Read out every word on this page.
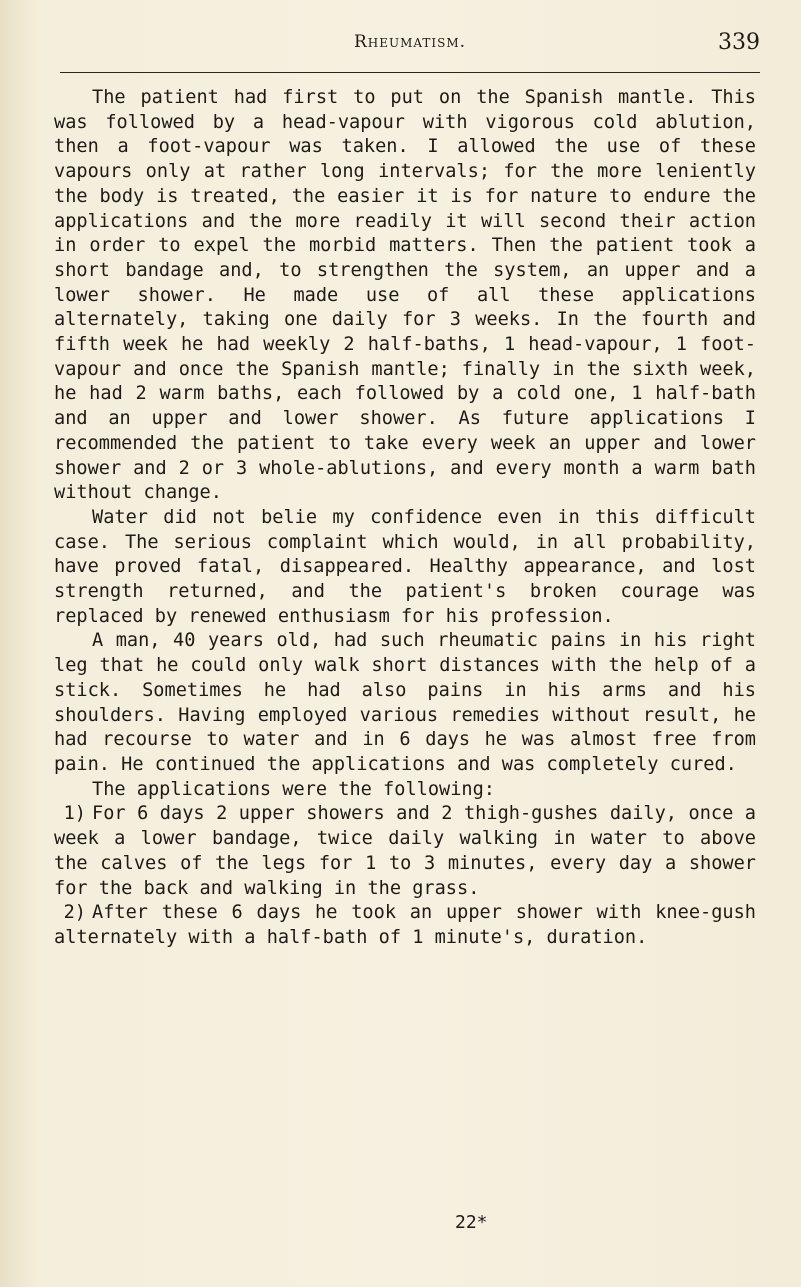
Rheumatism.	339

The patient had first to put on the Spanish mantle. This was followed by a head-vapour with vigorous cold ablution, then a foot-vapour was taken. I allowed the use of these vapours only at rather long intervals; for the more leniently the body is treated, the easier it is for nature to endure the applications and the more readily it will second their action in order to expel the morbid matters. Then the patient took a short bandage and, to strengthen the system, an upper and a lower shower. He made use of all these applications alternately, taking one daily for 3 weeks. In the fourth and fifth week he had weekly 2 half-baths, 1 head-vapour, 1 foot-vapour and once the Spanish mantle; finally in the sixth week, he had 2 warm baths, each followed by a cold one, 1 half-bath and an upper and lower shower. As future applications I recommended the patient to take every week an upper and lower shower and 2 or 3 whole-ablutions, and every month a warm bath without change.

Water did not belie my confidence even in this difficult case. The serious complaint which would, in all probability, have proved fatal, disappeared. Healthy appearance, and lost strength returned, and the patient's broken courage was replaced by renewed enthusiasm for his profession.

A man, 40 years old, had such rheumatic pains in his right leg that he could only walk short distances with the help of a stick. Sometimes he had also pains in his arms and his shoulders. Having employed various remedies without result, he had recourse to water and in 6 days he was almost free from pain. He continued the applications and was completely cured.

The applications were the following:

1) For 6 days 2 upper showers and 2 thigh-gushes daily, once a week a lower bandage, twice daily walking in water to above the calves of the legs for 1 to 3 minutes, every day a shower for the back and walking in the grass.

2) After these 6 days he took an upper shower with knee-gush alternately with a half-bath of 1 minute's, duration.

22*
